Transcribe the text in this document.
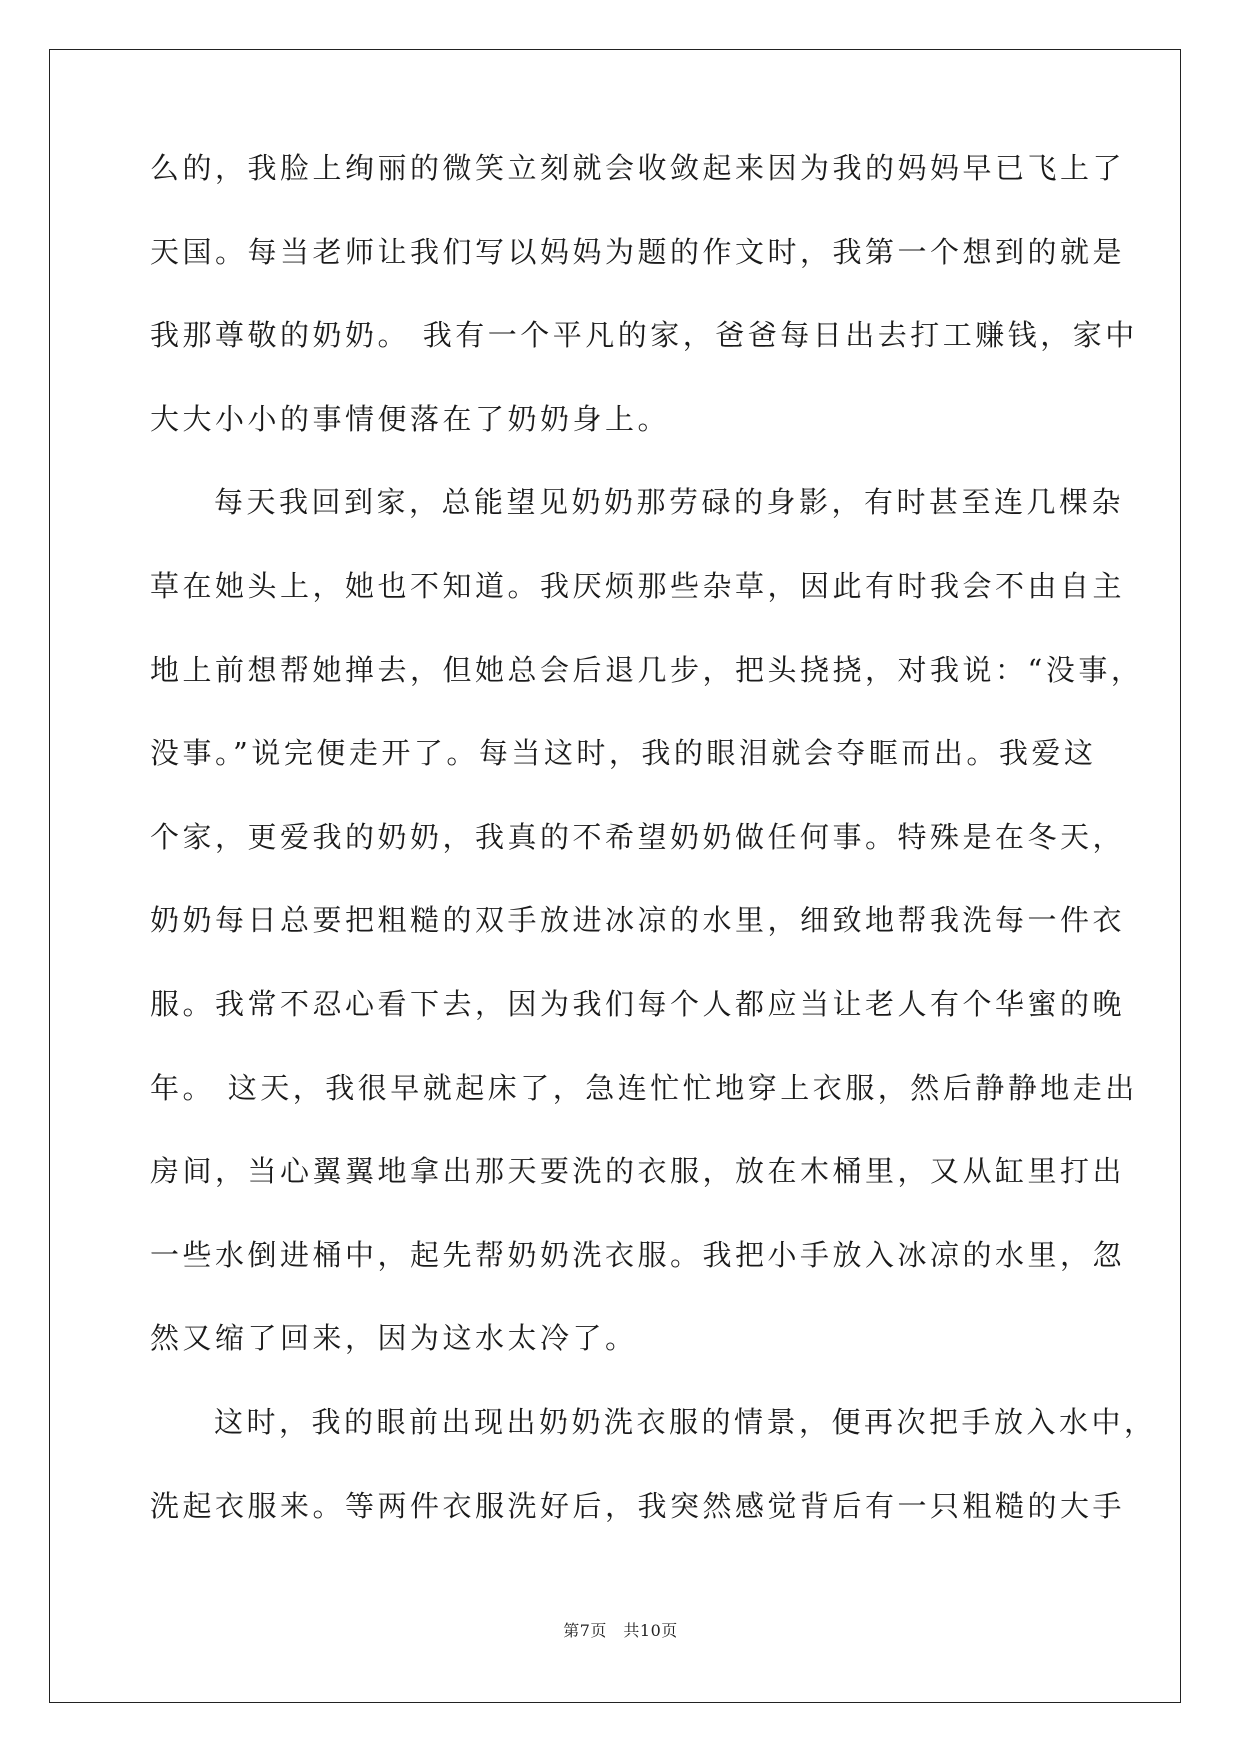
么的，我脸上绚丽的微笑立刻就会收敛起来因为我的妈妈早已飞上了

天国。每当老师让我们写以妈妈为题的作文时，我第一个想到的就是

我那尊敬的奶奶。 我有一个平凡的家，爸爸每日出去打工赚钱，家中

大大小小的事情便落在了奶奶身上。

每天我回到家，总能望见奶奶那劳碌的身影，有时甚至连几棵杂

草在她头上，她也不知道。我厌烦那些杂草，因此有时我会不由自主

地上前想帮她掸去，但她总会后退几步，把头挠挠，对我说：“没事，

没事。”说完便走开了。每当这时，我的眼泪就会夺眶而出。我爱这

个家，更爱我的奶奶，我真的不希望奶奶做任何事。特殊是在冬天，

奶奶每日总要把粗糙的双手放进冰凉的水里，细致地帮我洗每一件衣

服。我常不忍心看下去，因为我们每个人都应当让老人有个华蜜的晚

年。 这天，我很早就起床了，急连忙忙地穿上衣服，然后静静地走出

房间，当心翼翼地拿出那天要洗的衣服，放在木桶里，又从缸里打出

一些水倒进桶中，起先帮奶奶洗衣服。我把小手放入冰凉的水里，忽

然又缩了回来，因为这水太冷了。

这时，我的眼前出现出奶奶洗衣服的情景，便再次把手放入水中，

洗起衣服来。等两件衣服洗好后，我突然感觉背后有一只粗糙的大手

第7页　共10页
